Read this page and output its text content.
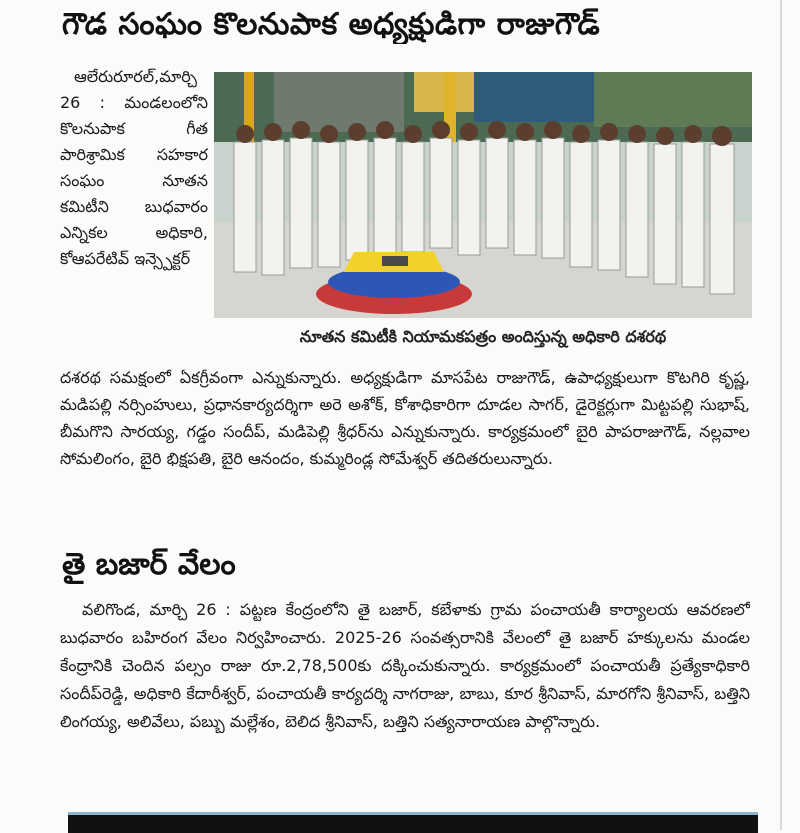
గౌడ సంఘం కొలనుపాక అధ్యక్షుడిగా రాజుగౌడ్
ఆలేరురూరల్,మార్చి 26 : మండలంలోని కొలనుపాక గీత పారిశ్రామిక సహకార సంఘం నూతన కమిటీని బుధవారం ఎన్నికల అధికారి, కోఆపరేటివ్ ఇన్స్పెక్టర్
నూతన కమిటీకి నియామకపత్రం అందిస్తున్న అధికారి దశరథ
దశరథ సమక్షంలో ఏకగ్రీవంగా ఎన్నుకున్నారు. అధ్యక్షుడిగా మాసపేట రాజుగౌడ్, ఉపాధ్యక్షులుగా కొటగిరి కృష్ణ, మడిపల్లి నర్సింహులు, ప్రధానకార్యదర్శిగా అరె అశోక్, కోశాధికారిగా దూడల సాగర్, డైరెక్టర్లుగా మిట్టపల్లి సుభాష్, బీమగొని సారయ్య, గడ్డం సందీప్, మడిపెల్లి శ్రీధర్‌ను ఎన్నుకున్నారు. కార్యక్రమంలో బైరి పాపరాజుగౌడ్, నల్లవాల సోమలింగం, బైరి భిక్షపతి, బైరి ఆనందం, కుమ్మరిండ్ల సోమేశ్వర్ తదితరులున్నారు.
తై బజార్ వేలం
వలిగొండ, మార్చి 26 : పట్టణ కేంద్రంలోని తై బజార్, కబేళాకు గ్రామ పంచాయతీ కార్యాలయ ఆవరణలో బుధవారం బహిరంగ వేలం నిర్వహించారు. 2025-26 సంవత్సరానికి వేలంలో తై బజార్ హక్కులను మండల కేంద్రానికి చెందిన పల్సం రాజు రూ.2,78,500కు దక్కించుకున్నారు. కార్యక్రమంలో పంచాయతీ ప్రత్యేకాధికారి సందీప్‌రెడ్డి, అధికారి కేదారీశ్వర్, పంచాయతీ కార్యదర్శి నాగరాజు, బాబు, కూర శ్రీనివాస్, మారగోని శ్రీనివాస్, బత్తిని లింగయ్య, అలివేలు, పబ్బు మల్లేశం, బెలిద శ్రీనివాస్, బత్తిని సత్యనారాయణ పాల్గొన్నారు.
